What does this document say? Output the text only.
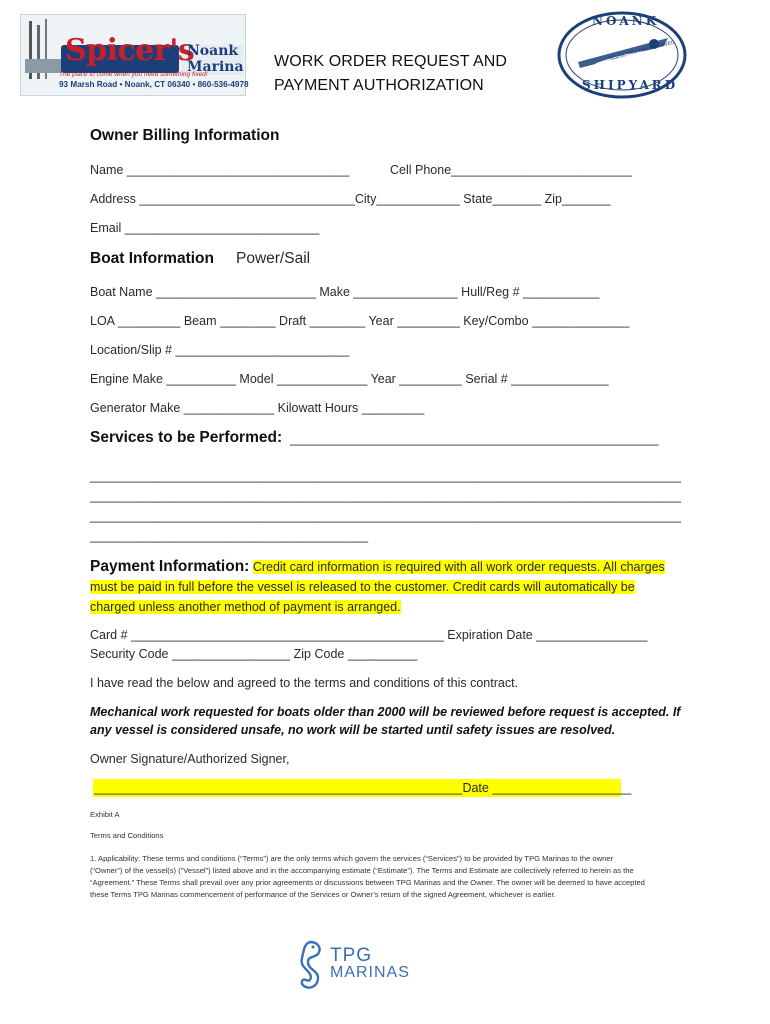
Spicer's
Noank
Marina
The place to come when you need something fixed!
93 Marsh Road • Noank, CT 06340 • 860-536-4978
WORK ORDER REQUEST AND
PAYMENT AUTHORIZATION
NOANK
SHIPYARD
RELAX, YOU HAVE ARRIVED
Owner Billing Information
Name ________________________________	Cell Phone__________________________
Address _______________________________City____________ State_______ Zip_______
Email ____________________________
Boat Information Power/Sail
Boat Name _______________________ Make _______________ Hull/Reg # ___________
LOA _________ Beam ________ Draft ________ Year _________ Key/Combo ______________
Location/Slip # _________________________
Engine Make __________ Model _____________ Year _________ Serial # ______________
Generator Make _____________ Kilowatt Hours _________
Services to be Performed: _____________________________________________________
_____________________________________________________________________________________
_____________________________________________________________________________________
_____________________________________________________________________________________
________________________________________
Payment Information: Credit card information is required with all work order requests. All charges
must be paid in full before the vessel is released to the customer. Credit cards will automatically be
charged unless another method of payment is arranged.
Card # _____________________________________________ Expiration Date ________________
Security Code _________________ Zip Code __________
I have read the below and agreed to the terms and conditions of this contract.
Mechanical work requested for boats older than 2000 will be reviewed before request is accepted. If
any vessel is considered unsafe, no work will be started until safety issues are resolved.
Owner Signature/Authorized Signer,
_____________________________________________________Date ____________________
Exhibit A
Terms and Conditions
1. Applicability: These terms and conditions (“Terms”) are the only terms which govern the services (“Services”) to be provided by TPG Marinas to the owner
(“Owner”) of the vessel(s) (“Vessel”) listed above and in the accompanying estimate (“Estimate”). The Terms and Estimate are collectively referred to herein as the
“Agreement.” These Terms shall prevail over any prior agreements or discussions between TPG Marinas and the Owner. The owner will be deemed to have accepted
these Terms TPG Marinas commencement of performance of the Services or Owner’s return of the signed Agreement, whichever is earlier.
TPG
MARINAS
